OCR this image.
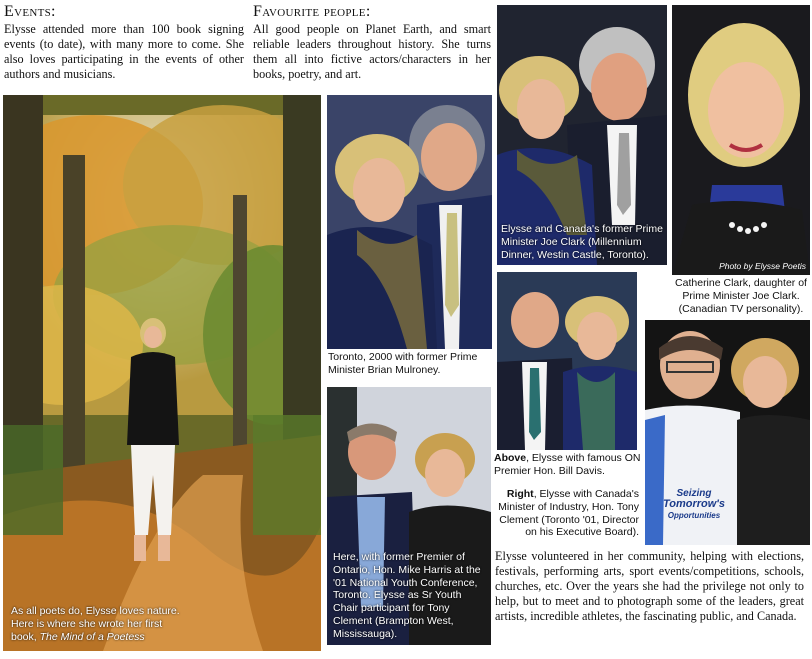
Events:
Elysse attended more than 100 book signing events (to date), with many more to come. She also loves participating in the events of other authors and musicians.
Favourite people:
All good people on Planet Earth, and smart reliable leaders throughout history. She turns them all into fictive actors/characters in her books, poetry, and art.
As all poets do, Elysse loves nature.
Here is where she wrote her first
book, The Mind of a Poetess
Toronto, 2000 with former Prime Minister Brian Mulroney.
Elysse and Canada's former Prime Minister Joe Clark (Millennium Dinner, Westin Castle, Toronto).
Photo by Elysse Poetis
Catherine Clark, daughter of Prime Minister Joe Clark. (Canadian TV personality).
Above, Elysse with famous ON Premier Hon. Bill Davis.
Seizing
Tomorrow's
Opportunities
Right, Elysse with Canada's Minister of Industry, Hon. Tony Clement (Toronto '01, Director on his Executive Board).
Here, with former Premier of Ontario, Hon. Mike Harris at the '01 National Youth Conference, Toronto. Elysse as Sr Youth Chair participant for Tony Clement (Brampton West, Mississauga).
Elysse volunteered in her community, helping with elections, festivals, performing arts, sport events/competitions, schools, churches, etc. Over the years she had the privilege not only to help, but to meet and to photograph some of the leaders, great artists, incredible athletes, the fascinating public, and Canada.
